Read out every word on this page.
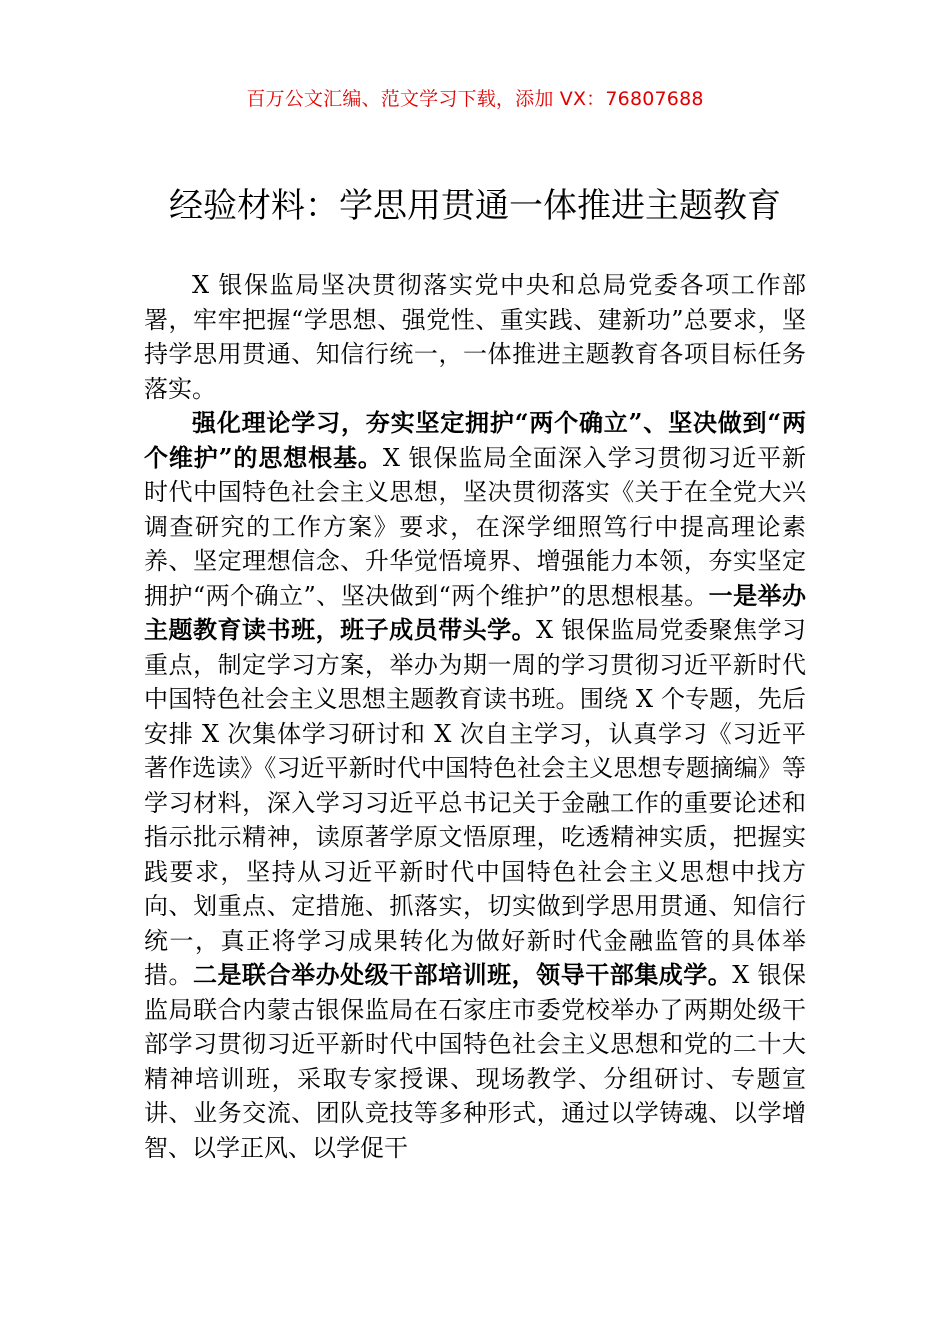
百万公文汇编、范文学习下载，添加 VX：76807688
经验材料：学思用贯通一体推进主题教育

X 银保监局坚决贯彻落实党中央和总局党委各项工作部署，牢牢把握“学思想、强党性、重实践、建新功”总要求，坚持学思用贯通、知信行统一，一体推进主题教育各项目标任务落实。

强化理论学习，夯实坚定拥护“两个确立”、坚决做到“两个维护”的思想根基。X 银保监局全面深入学习贯彻习近平新时代中国特色社会主义思想，坚决贯彻落实《关于在全党大兴调查研究的工作方案》要求，在深学细照笃行中提高理论素养、坚定理想信念、升华觉悟境界、增强能力本领，夯实坚定拥护“两个确立”、坚决做到“两个维护”的思想根基。一是举办主题教育读书班，班子成员带头学。X 银保监局党委聚焦学习重点，制定学习方案，举办为期一周的学习贯彻习近平新时代中国特色社会主义思想主题教育读书班。围绕 X 个专题，先后安排 X 次集体学习研讨和 X 次自主学习，认真学习《习近平著作选读》《习近平新时代中国特色社会主义思想专题摘编》等学习材料，深入学习习近平总书记关于金融工作的重要论述和指示批示精神，读原著学原文悟原理，吃透精神实质，把握实践要求，坚持从习近平新时代中国特色社会主义思想中找方向、划重点、定措施、抓落实，切实做到学思用贯通、知信行统一，真正将学习成果转化为做好新时代金融监管的具体举措。二是联合举办处级干部培训班，领导干部集成学。X 银保监局联合内蒙古银保监局在石家庄市委党校举办了两期处级干部学习贯彻习近平新时代中国特色社会主义思想和党的二十大精神培训班，采取专家授课、现场教学、分组研讨、专题宣讲、业务交流、团队竞技等多种形式，通过以学铸魂、以学增智、以学正风、以学促干
